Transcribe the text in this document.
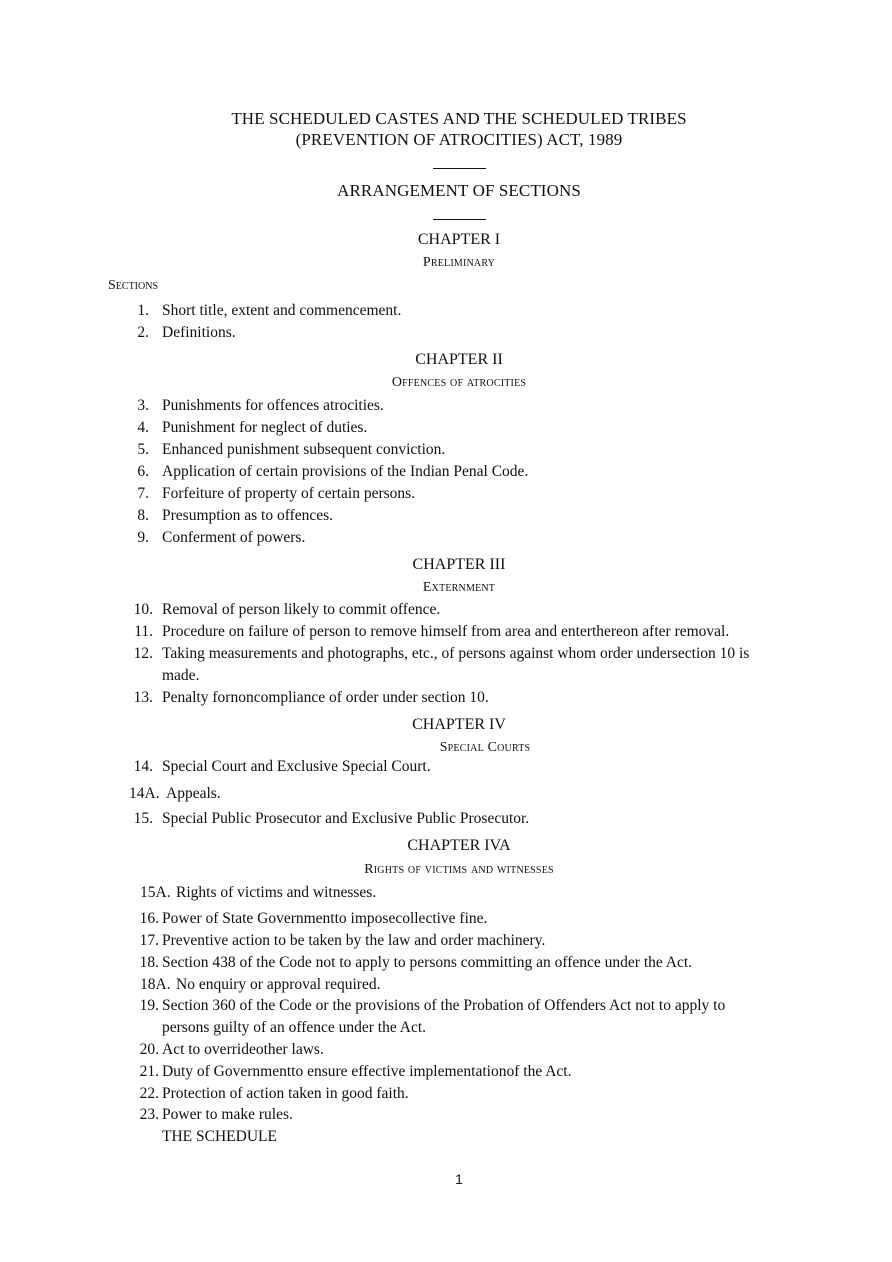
THE SCHEDULED CASTES AND THE SCHEDULED TRIBES
(PREVENTION OF ATROCITIES) ACT, 1989
ARRANGEMENT OF SECTIONS
CHAPTER I
Preliminary
Sections
1. Short title, extent and commencement.
2. Definitions.
CHAPTER II
Offences of atrocities
3. Punishments for offences atrocities.
4. Punishment for neglect of duties.
5. Enhanced punishment subsequent conviction.
6. Application of certain provisions of the Indian Penal Code.
7. Forfeiture of property of certain persons.
8. Presumption as to offences.
9. Conferment of powers.
CHAPTER III
Externment
10. Removal of person likely to commit offence.
11. Procedure on failure of person to remove himself from area and enterthereon after removal.
12. Taking measurements and photographs, etc., of persons against whom order undersection 10 is
made.
13. Penalty fornoncompliance of order under section 10.
CHAPTER IV
Special Courts
14. Special Court and Exclusive Special Court.
14A. Appeals.
15. Special Public Prosecutor and Exclusive Public Prosecutor.
CHAPTER IVA
Rights of victims and witnesses
15A. Rights of victims and witnesses.
16. Power of State Governmentto imposecollective fine.
17. Preventive action to be taken by the law and order machinery.
18. Section 438 of the Code not to apply to persons committing an offence under the Act.
18A. No enquiry or approval required.
19. Section 360 of the Code or the provisions of the Probation of Offenders Act not to apply to
persons guilty of an offence under the Act.
20. Act to overrideother laws.
21. Duty of Governmentto ensure effective implementationof the Act.
22. Protection of action taken in good faith.
23. Power to make rules.
THE SCHEDULE
1
